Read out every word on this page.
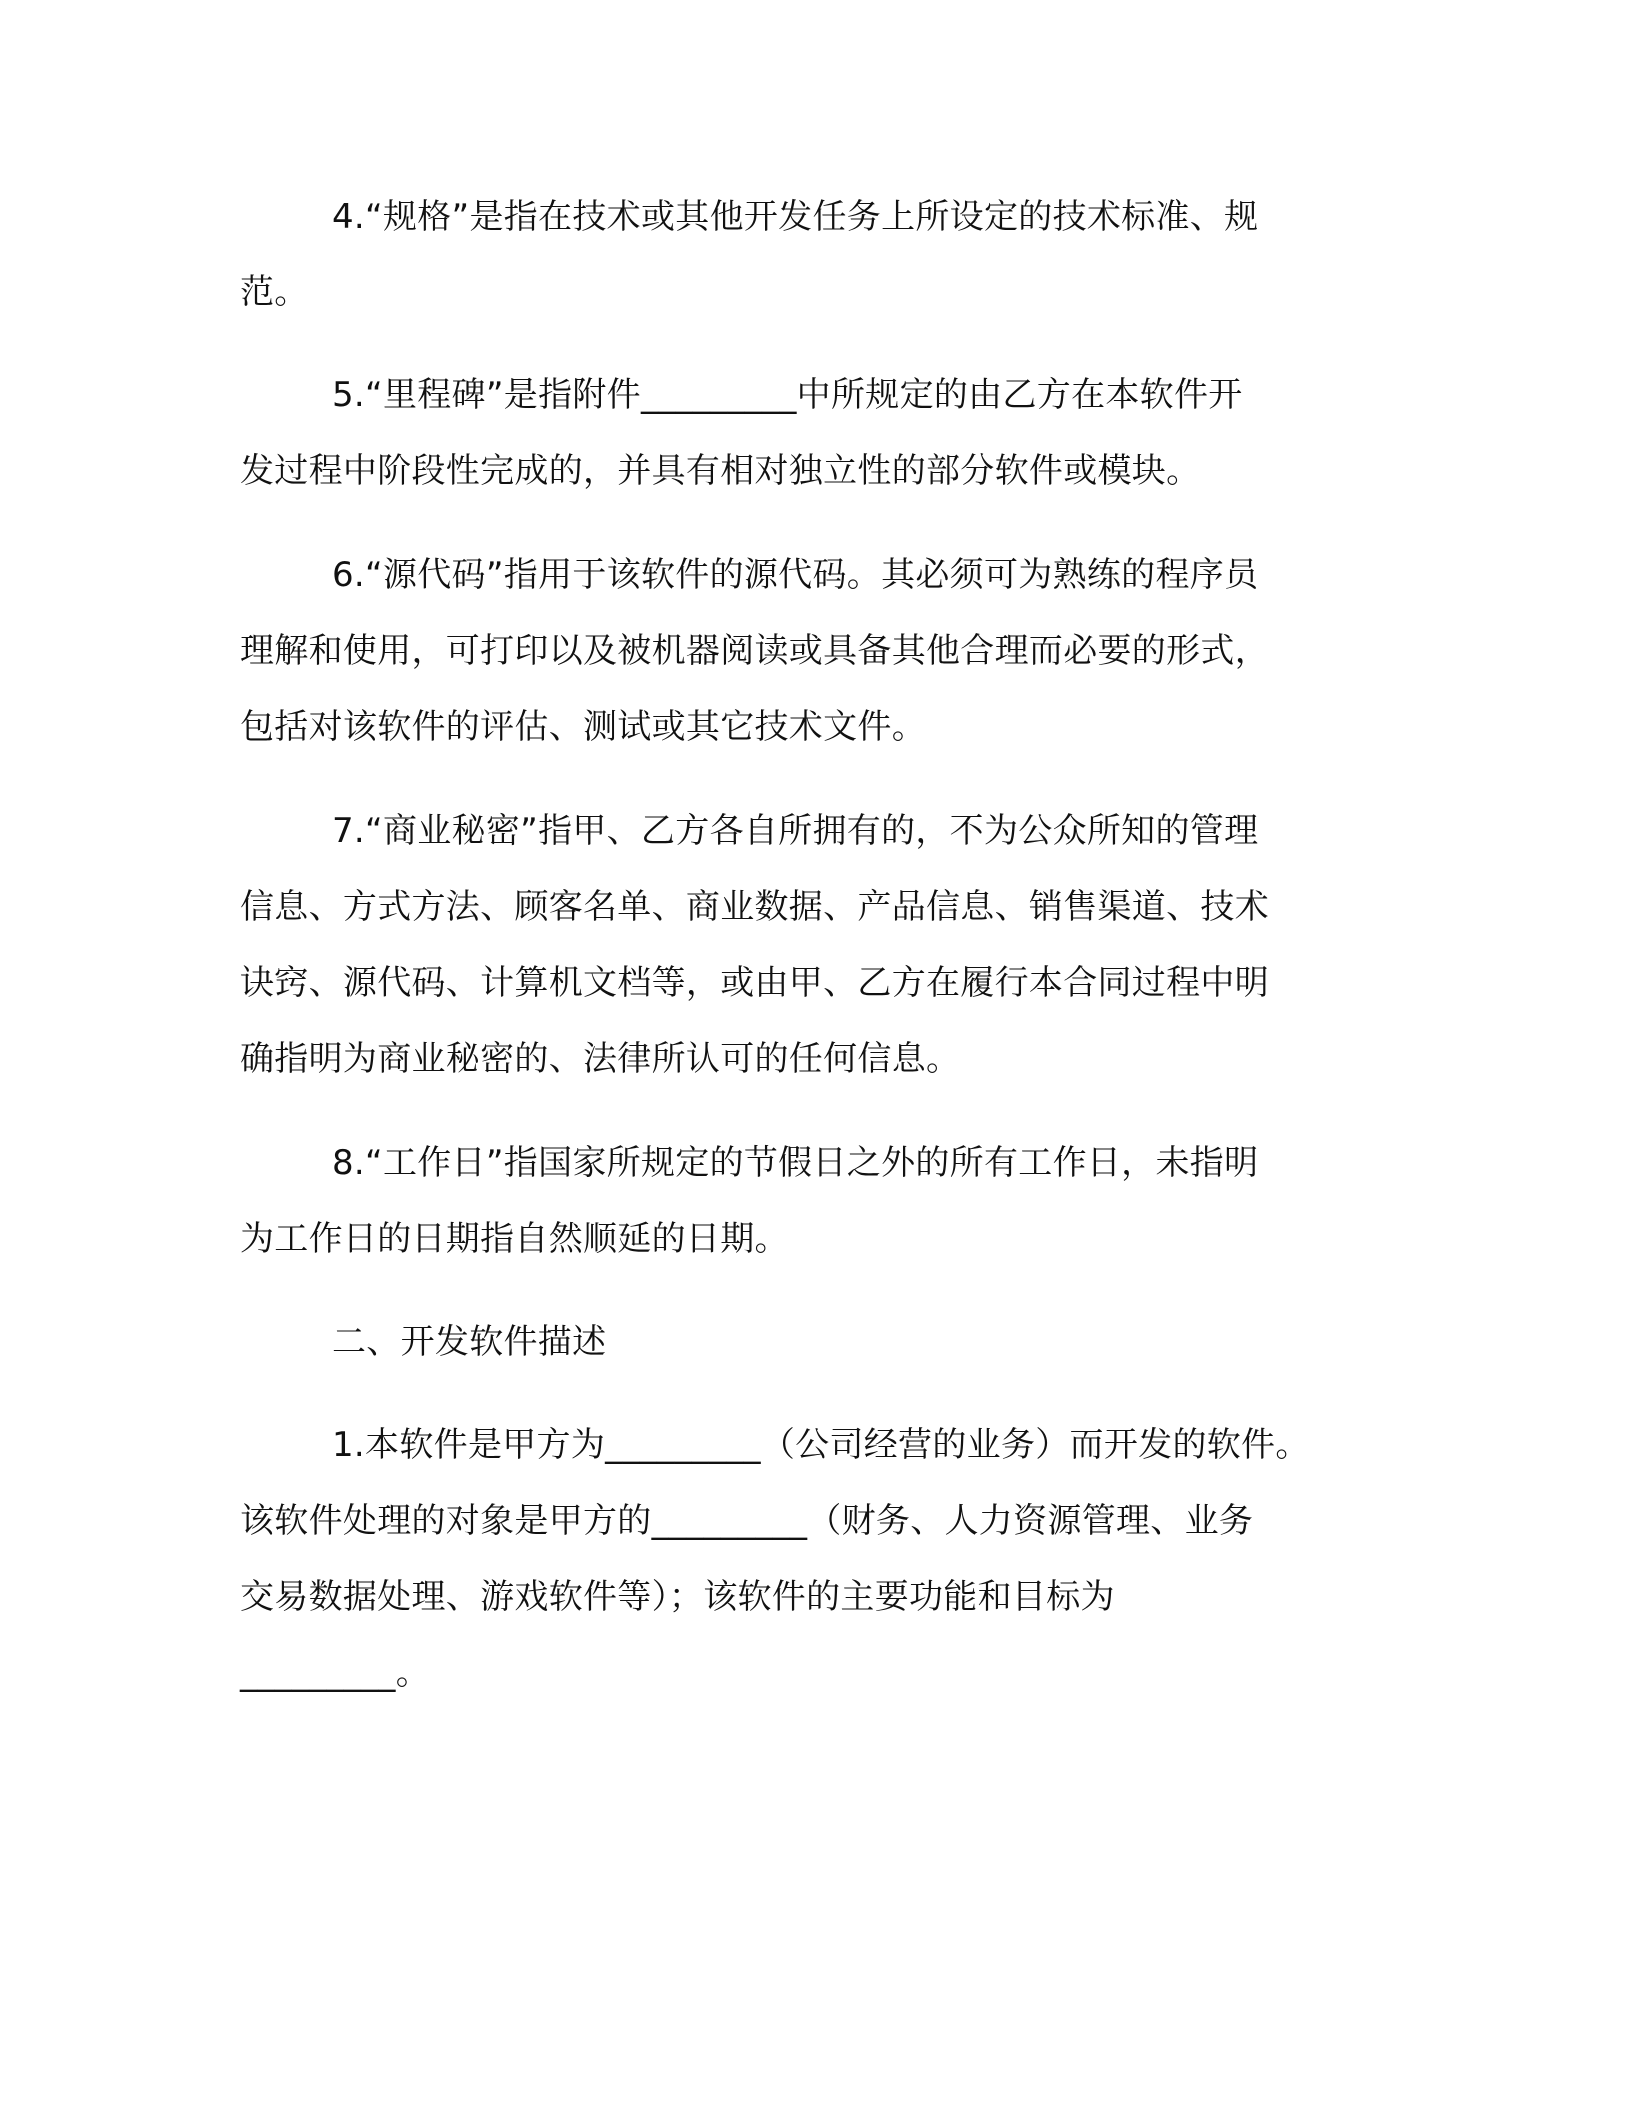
4.“规格”是指在技术或其他开发任务上所设定的技术标准、规

范。

5.“里程碑”是指附件_________中所规定的由乙方在本软件开

发过程中阶段性完成的，并具有相对独立性的部分软件或模块。

6.“源代码”指用于该软件的源代码。其必须可为熟练的程序员

理解和使用，可打印以及被机器阅读或具备其他合理而必要的形式，

包括对该软件的评估、测试或其它技术文件。

7.“商业秘密”指甲、乙方各自所拥有的，不为公众所知的管理

信息、方式方法、顾客名单、商业数据、产品信息、销售渠道、技术

诀窍、源代码、计算机文档等，或由甲、乙方在履行本合同过程中明

确指明为商业秘密的、法律所认可的任何信息。

8.“工作日”指国家所规定的节假日之外的所有工作日，未指明

为工作日的日期指自然顺延的日期。

二、开发软件描述

1.本软件是甲方为_________（公司经营的业务）而开发的软件。

该软件处理的对象是甲方的_________（财务、人力资源管理、业务

交易数据处理、游戏软件等）；该软件的主要功能和目标为

_________。
